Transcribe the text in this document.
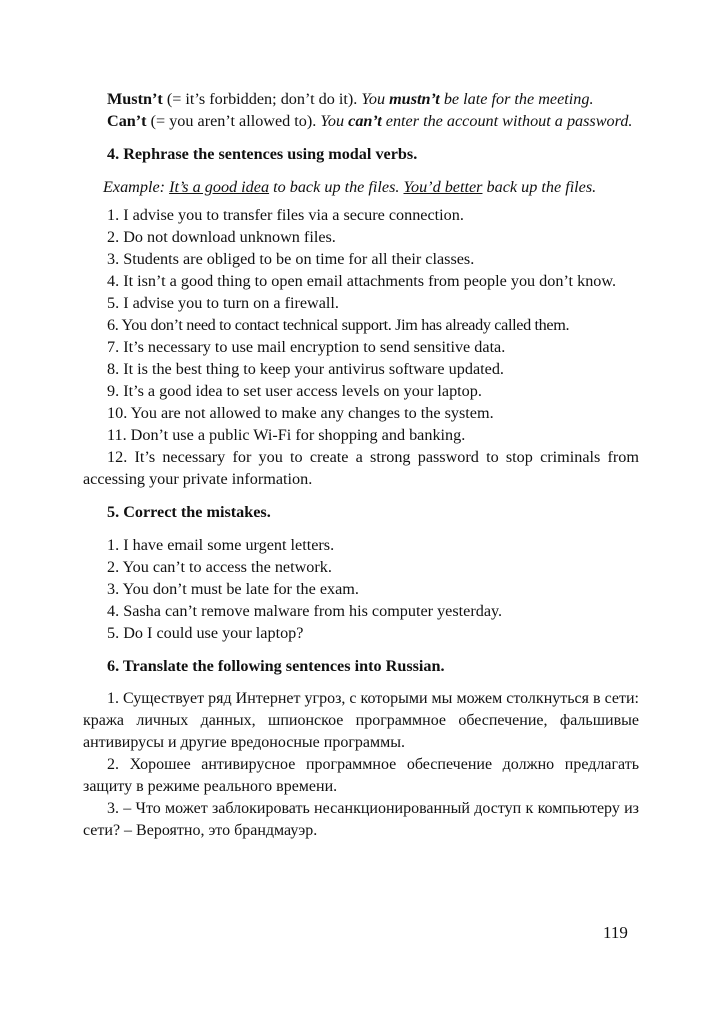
Mustn’t (= it’s forbidden; don’t do it). You mustn’t be late for the meeting.

Can’t (= you aren’t allowed to). You can’t enter the account without a password.

4. Rephrase the sentences using modal verbs.

Example: It’s a good idea to back up the files. You’d better back up the files.

1. I advise you to transfer files via a secure connection.

2. Do not download unknown files.

3. Students are obliged to be on time for all their classes.

4. It isn’t a good thing to open email attachments from people you don’t know.

5. I advise you to turn on a firewall.

6. You don’t need to contact technical support. Jim has already called them.

7. It’s necessary to use mail encryption to send sensitive data.

8. It is the best thing to keep your antivirus software updated.

9. It’s a good idea to set user access levels on your laptop.

10. You are not allowed to make any changes to the system.

11. Don’t use a public Wi-Fi for shopping and banking.

12. It’s necessary for you to create a strong password to stop criminals from accessing your private information.

5. Correct the mistakes.

1. I have email some urgent letters.

2. You can’t to access the network.

3. You don’t must be late for the exam.

4. Sasha can’t remove malware from his computer yesterday.

5. Do I could use your laptop?

6. Translate the following sentences into Russian.

1. Существует ряд Интернет угроз, с которыми мы можем столкнуться в сети: кража личных данных, шпионское программное обеспечение, фальшивые антивирусы и другие вредоносные программы.

2. Хорошее антивирусное программное обеспечение должно предлагать защиту в режиме реального времени.

3. – Что может заблокировать несанкционированный доступ к компьютеру из сети? – Вероятно, это брандмауэр.

119
